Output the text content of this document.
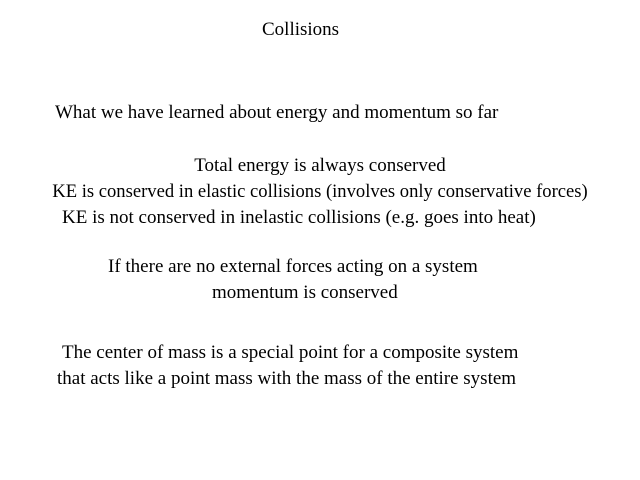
Collisions
What we have learned about energy and momentum so far
Total energy is always conserved
KE is conserved in elastic collisions (involves only conservative forces)
KE is not conserved in inelastic collisions (e.g. goes into heat)
If there are no external forces acting on a system
momentum is conserved
The center of mass is a special point for a composite system
that acts like a point mass with the mass of the entire system
